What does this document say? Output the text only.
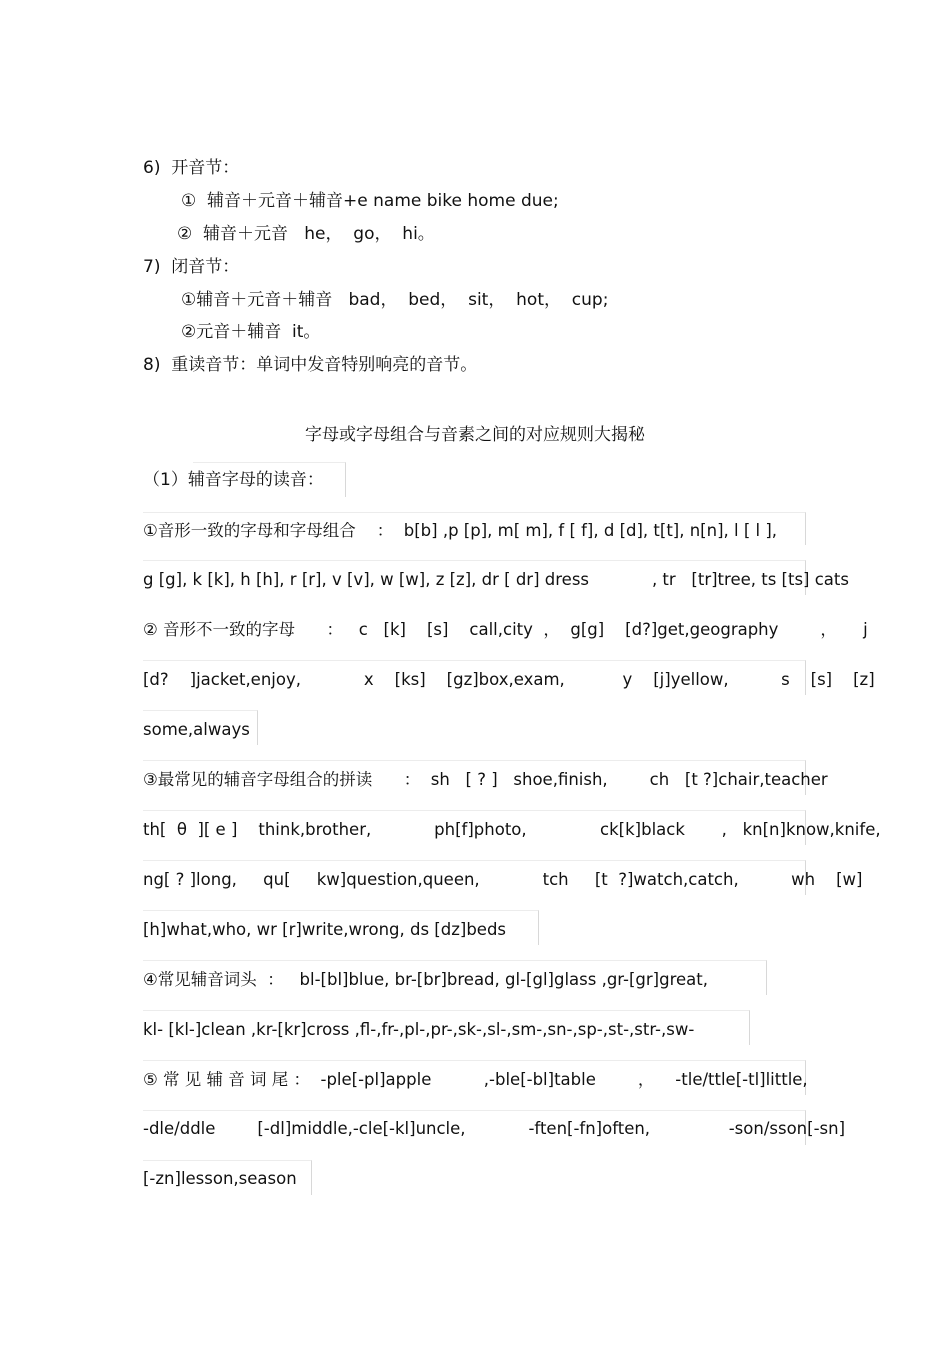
6)  开音节：
①  辅音＋元音＋辅音+e name bike home due;
②  辅音＋元音   he，  go，  hi。
7)  闭音节：
①辅音＋元音＋辅音   bad，  bed，  sit，  hot，  cup;
②元音＋辅音  it。
8)  重读音节：单词中发音特别响亮的音节。
字母或字母组合与音素之间的对应规则大揭秘
（1）辅音字母的读音：
①音形一致的字母和字母组合    ：  b[b] ,p [p], m[ m], f [ f], d [d], t[t], n[n], l [ l ],
g [g], k [k], h [h], r [r], v [v], w [w], z [z], dr [ dr] dress            , tr   [tr]tree, ts [ts] cats
② 音形不一致的字母      ：   c   [k]    [s]    call,city  ，  g[g]    [d?]get,geography        ，     j
[d?    ]jacket,enjoy,            x    [ks]    [gz]box,exam,           y    [j]yellow,          s    [s]    [z]
some,always
③最常见的辅音字母组合的拼读      ：  sh   [ ? ]   shoe,finish,        ch   [t ?]chair,teacher
th[  θ  ][ e ]    think,brother,            ph[f]photo,              ck[k]black       ,   kn[n]know,knife,
ng[ ? ]long,     qu[     kw]question,queen,            tch     [t  ?]watch,catch,          wh    [w]
[h]what,who, wr [r]write,wrong, ds [dz]beds
④常见辅音词头  ：   bl-[bl]blue, br-[br]bread, gl-[gl]glass ,gr-[gr]great,
kl- [kl-]clean ,kr-[kr]cross ,fl-,fr-,pl-,pr-,sk-,sl-,sm-,sn-,sp-,st-,str-,sw-
⑤ 常 见 辅 音 词 尾 ：  -ple[-pl]apple          ,-ble[-bl]table        ，    -tle/ttle[-tl]little,
-dle/ddle        [-dl]middle,-cle[-kl]uncle,            -ften[-fn]often,               -son/sson[-sn]
[-zn]lesson,season
